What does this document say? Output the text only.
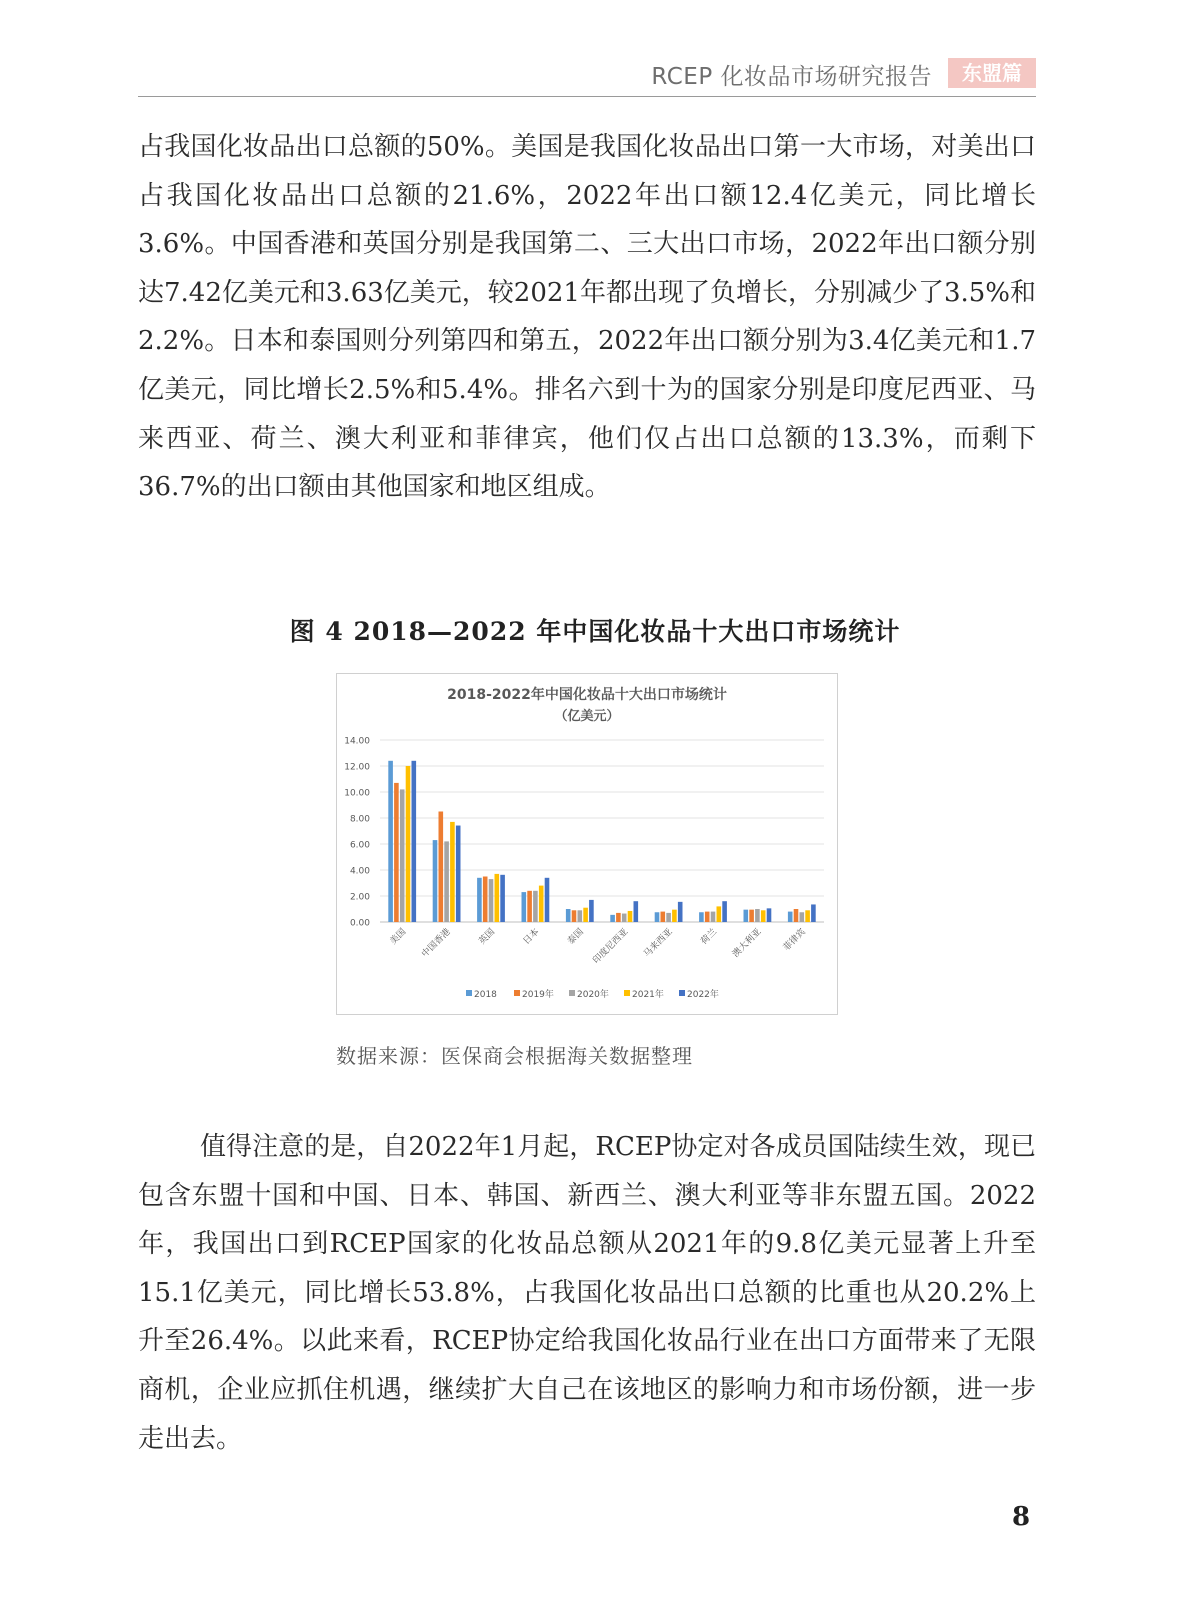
RCEP 化妆品市场研究报告	东盟篇

占我国化妆品出口总额的50%。美国是我国化妆品出口第一大市场，对美出口占我国化妆品出口总额的21.6%，2022年出口额12.4亿美元，同比增长3.6%。中国香港和英国分别是我国第二、三大出口市场，2022年出口额分别达7.42亿美元和3.63亿美元，较2021年都出现了负增长，分别减少了3.5%和2.2%。日本和泰国则分列第四和第五，2022年出口额分别为3.4亿美元和1.7亿美元，同比增长2.5%和5.4%。排名六到十为的国家分别是印度尼西亚、马来西亚、荷兰、澳大利亚和菲律宾，他们仅占出口总额的13.3%，而剩下36.7%的出口额由其他国家和地区组成。

图 4 2018—2022 年中国化妆品十大出口市场统计
2018-2022年中国化妆品十大出口市场统计
（亿美元）
0.00
2.00
4.00
6.00
8.00
10.00
12.00
14.00
美国 中国香港	英国	日本	泰国 印度尼西亚 马来西亚	荷兰 澳大利亚 菲律宾
2018	2019年	2020年	2021年	2022年
数据来源：医保商会根据海关数据整理

值得注意的是，自2022年1月起，RCEP协定对各成员国陆续生效，现已包含东盟十国和中国、日本、韩国、新西兰、澳大利亚等非东盟五国。2022年，我国出口到RCEP国家的化妆品总额从2021年的9.8亿美元显著上升至15.1亿美元，同比增长53.8%，占我国化妆品出口总额的比重也从20.2%上升至26.4%。以此来看，RCEP协定给我国化妆品行业在出口方面带来了无限商机，企业应抓住机遇，继续扩大自己在该地区的影响力和市场份额，进一步走出去。

8
